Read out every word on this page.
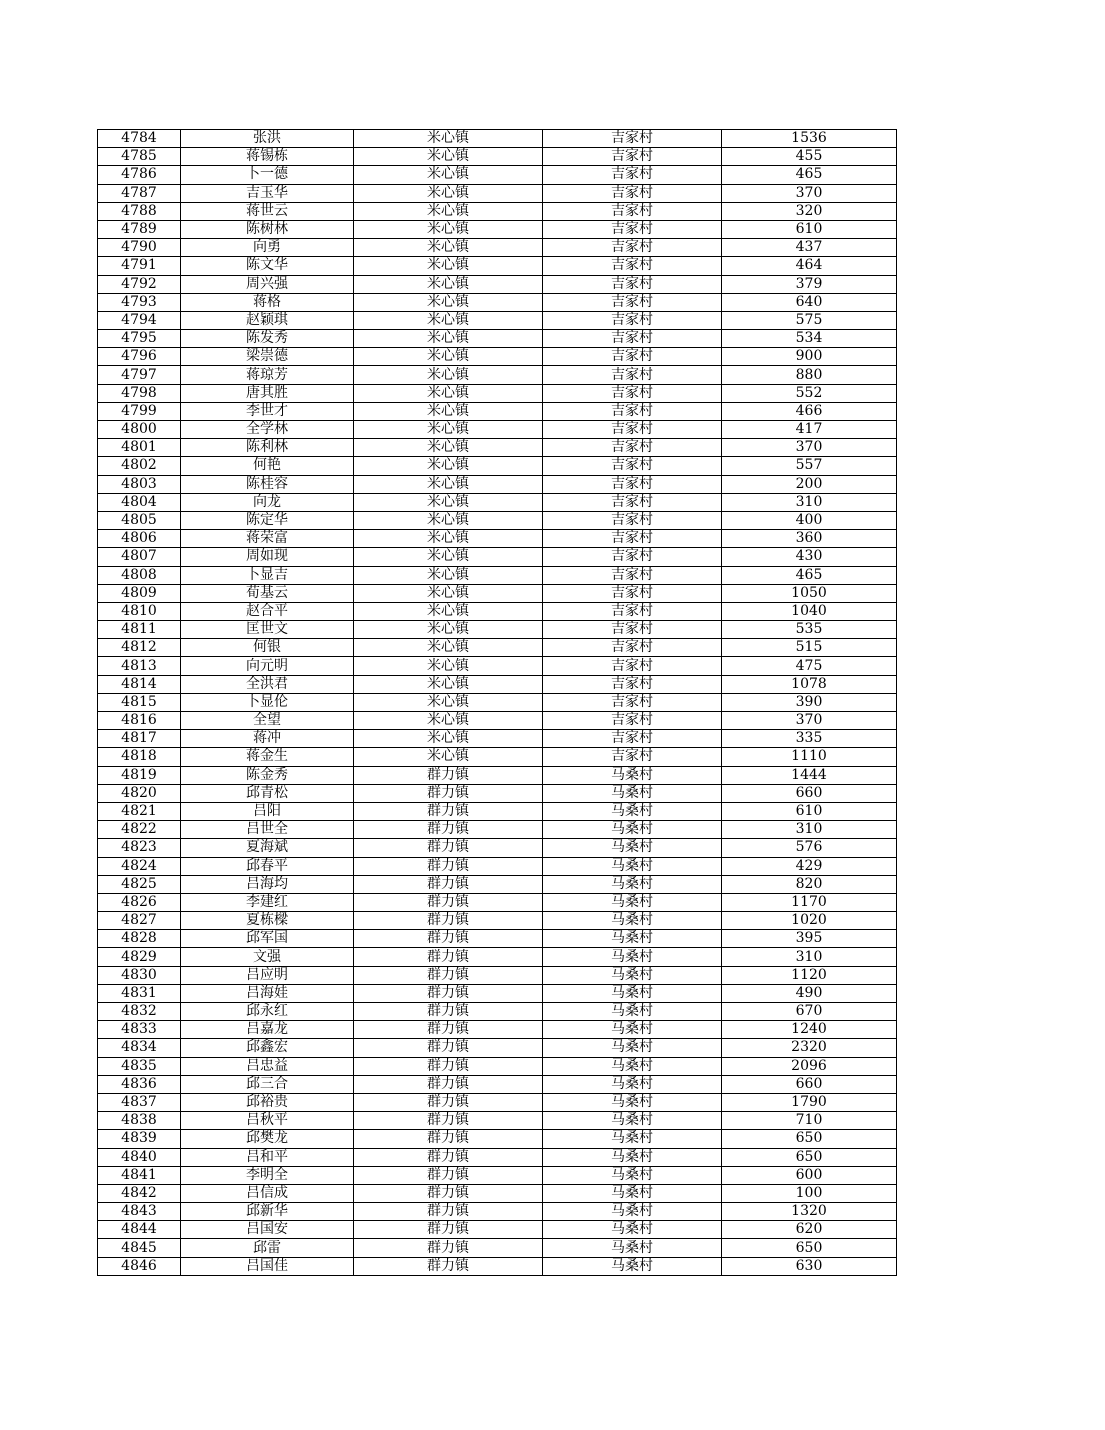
4784	张洪	米心镇	吉家村	1536
4785	蒋锡栋	米心镇	吉家村	455
4786	卜一德	米心镇	吉家村	465
4787	吉玉华	米心镇	吉家村	370
4788	蒋世云	米心镇	吉家村	320
4789	陈树林	米心镇	吉家村	610
4790	向勇	米心镇	吉家村	437
4791	陈文华	米心镇	吉家村	464
4792	周兴强	米心镇	吉家村	379
4793	蒋格	米心镇	吉家村	640
4794	赵颖琪	米心镇	吉家村	575
4795	陈发秀	米心镇	吉家村	534
4796	梁崇德	米心镇	吉家村	900
4797	蒋琼芳	米心镇	吉家村	880
4798	唐其胜	米心镇	吉家村	552
4799	李世才	米心镇	吉家村	466
4800	全学林	米心镇	吉家村	417
4801	陈利林	米心镇	吉家村	370
4802	何艳	米心镇	吉家村	557
4803	陈桂容	米心镇	吉家村	200
4804	向龙	米心镇	吉家村	310
4805	陈定华	米心镇	吉家村	400
4806	蒋荣富	米心镇	吉家村	360
4807	周如现	米心镇	吉家村	430
4808	卜显吉	米心镇	吉家村	465
4809	荀基云	米心镇	吉家村	1050
4810	赵合平	米心镇	吉家村	1040
4811	匡世文	米心镇	吉家村	535
4812	何银	米心镇	吉家村	515
4813	向元明	米心镇	吉家村	475
4814	全洪君	米心镇	吉家村	1078
4815	卜显伦	米心镇	吉家村	390
4816	全望	米心镇	吉家村	370
4817	蒋冲	米心镇	吉家村	335
4818	蒋金生	米心镇	吉家村	1110
4819	陈金秀	群力镇	马桑村	1444
4820	邱青松	群力镇	马桑村	660
4821	吕阳	群力镇	马桑村	610
4822	吕世全	群力镇	马桑村	310
4823	夏海斌	群力镇	马桑村	576
4824	邱春平	群力镇	马桑村	429
4825	吕海均	群力镇	马桑村	820
4826	李建红	群力镇	马桑村	1170
4827	夏栋樑	群力镇	马桑村	1020
4828	邱军国	群力镇	马桑村	395
4829	文强	群力镇	马桑村	310
4830	吕应明	群力镇	马桑村	1120
4831	吕海娃	群力镇	马桑村	490
4832	邱永红	群力镇	马桑村	670
4833	吕嘉龙	群力镇	马桑村	1240
4834	邱鑫宏	群力镇	马桑村	2320
4835	吕忠益	群力镇	马桑村	2096
4836	邱三合	群力镇	马桑村	660
4837	邱裕贵	群力镇	马桑村	1790
4838	吕秋平	群力镇	马桑村	710
4839	邱樊龙	群力镇	马桑村	650
4840	吕和平	群力镇	马桑村	650
4841	李明全	群力镇	马桑村	600
4842	吕信成	群力镇	马桑村	100
4843	邱新华	群力镇	马桑村	1320
4844	吕国安	群力镇	马桑村	620
4845	邱雷	群力镇	马桑村	650
4846	吕国佳	群力镇	马桑村	630
